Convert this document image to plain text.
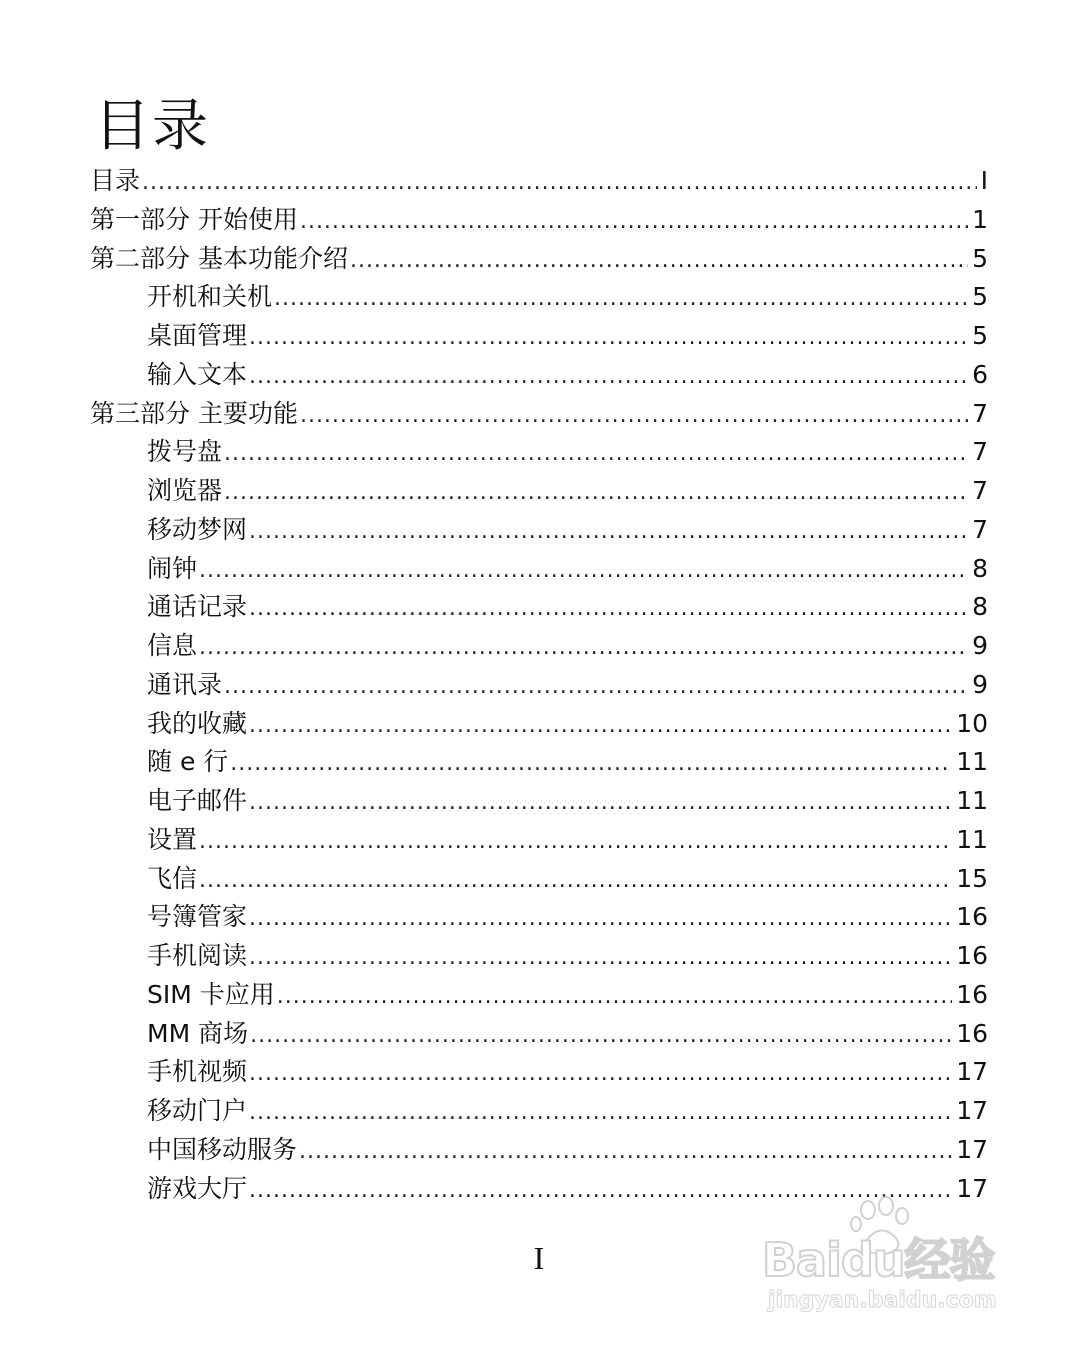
目录
目录 .....	I
第一部分 开始使用 .....	1
第二部分 基本功能介绍 .....	5
开机和关机 .....	5
桌面管理 .....	5
输入文本 .....	6
第三部分 主要功能 .....	7
拨号盘 .....	7
浏览器 .....	7
移动梦网 .....	7
闹钟 .....	8
通话记录 .....	8
信息 .....	9
通讯录 .....	9
我的收藏 .....	10
随 e 行 .....	11
电子邮件 .....	11
设置 .....	11
飞信 .....	15
号簿管家 .....	16
手机阅读 .....	16
SIM 卡应用 .....	16
MM 商场 .....	16
手机视频 .....	17
移动门户 .....	17
中国移动服务 .....	17
游戏大厅 .....	17
I	Baidu经验
jingyan.baidu.com
